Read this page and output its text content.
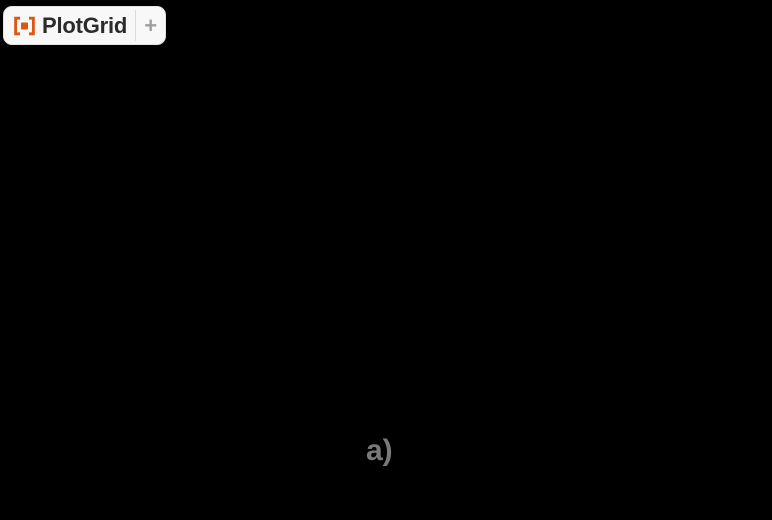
PlotGrid +
a)
